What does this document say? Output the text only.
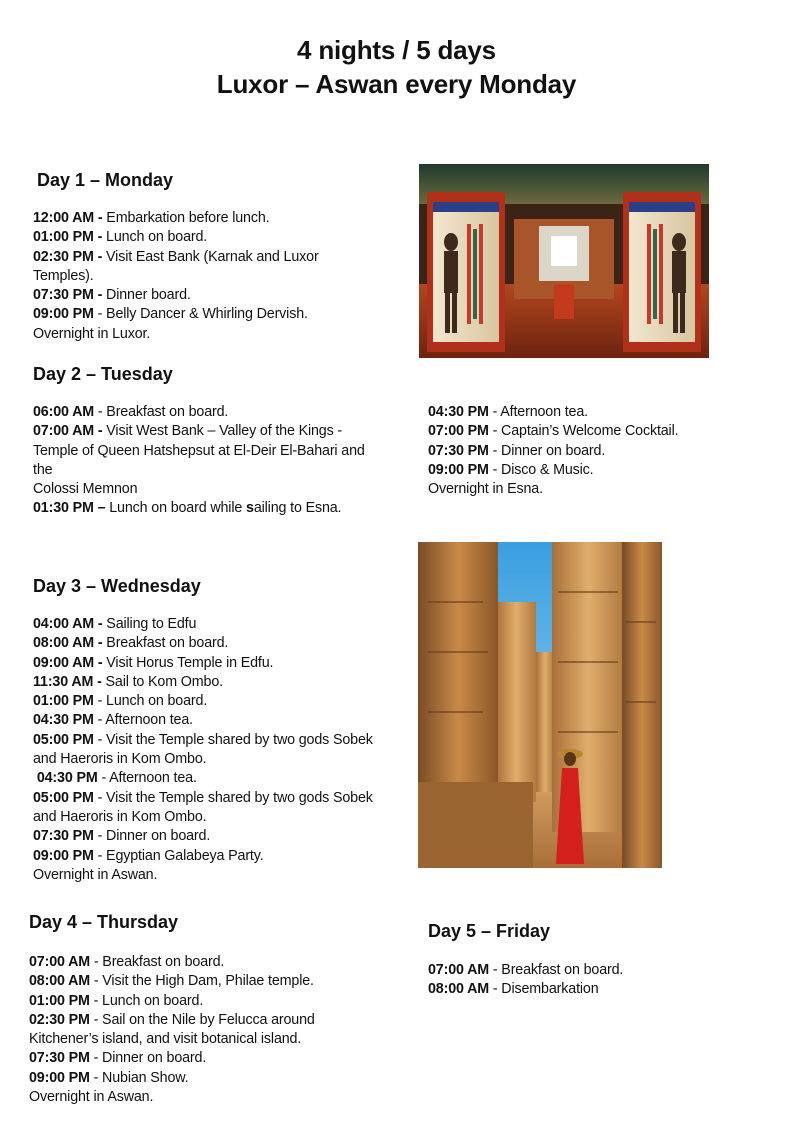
4 nights / 5 days
Luxor – Aswan every Monday
Day 1 – Monday

12:00 AM - Embarkation before lunch.

01:00 PM - Lunch on board.

02:30 PM - Visit East Bank (Karnak and Luxor Temples).

07:30 PM - Dinner board.

09:00 PM - Belly Dancer & Whirling Dervish.

Overnight in Luxor.

Day 2 – Tuesday

06:00 AM - Breakfast on board.

07:00 AM - Visit West Bank – Valley of the Kings -Temple of Queen Hatshepsut at El-Deir El-Bahari and the

Colossi Memnon

01:30 PM – Lunch on board while sailing to Esna.

04:30 PM - Afternoon tea.

07:00 PM - Captain’s Welcome Cocktail.

07:30 PM - Dinner on board.

09:00 PM - Disco & Music.

Overnight in Esna.

Day 3 – Wednesday

04:00 AM - Sailing to Edfu

08:00 AM - Breakfast on board.

09:00 AM - Visit Horus Temple in Edfu.

11:30 AM - Sail to Kom Ombo.

01:00 PM - Lunch on board.

04:30 PM - Afternoon tea.

05:00 PM - Visit the Temple shared by two gods Sobek and Haeroris in Kom Ombo.

04:30 PM - Afternoon tea.

05:00 PM - Visit the Temple shared by two gods Sobek and Haeroris in Kom Ombo.

07:30 PM - Dinner on board.

09:00 PM - Egyptian Galabeya Party.

Overnight in Aswan.

Day 4 – Thursday

07:00 AM - Breakfast on board.

08:00 AM - Visit the High Dam, Philae temple.

01:00 PM - Lunch on board.

02:30 PM - Sail on the Nile by Felucca around Kitchener’s island, and visit botanical island.

07:30 PM - Dinner on board.

09:00 PM - Nubian Show.

Overnight in Aswan.

Day 5 – Friday

07:00 AM - Breakfast on board.

08:00 AM - Disembarkation
